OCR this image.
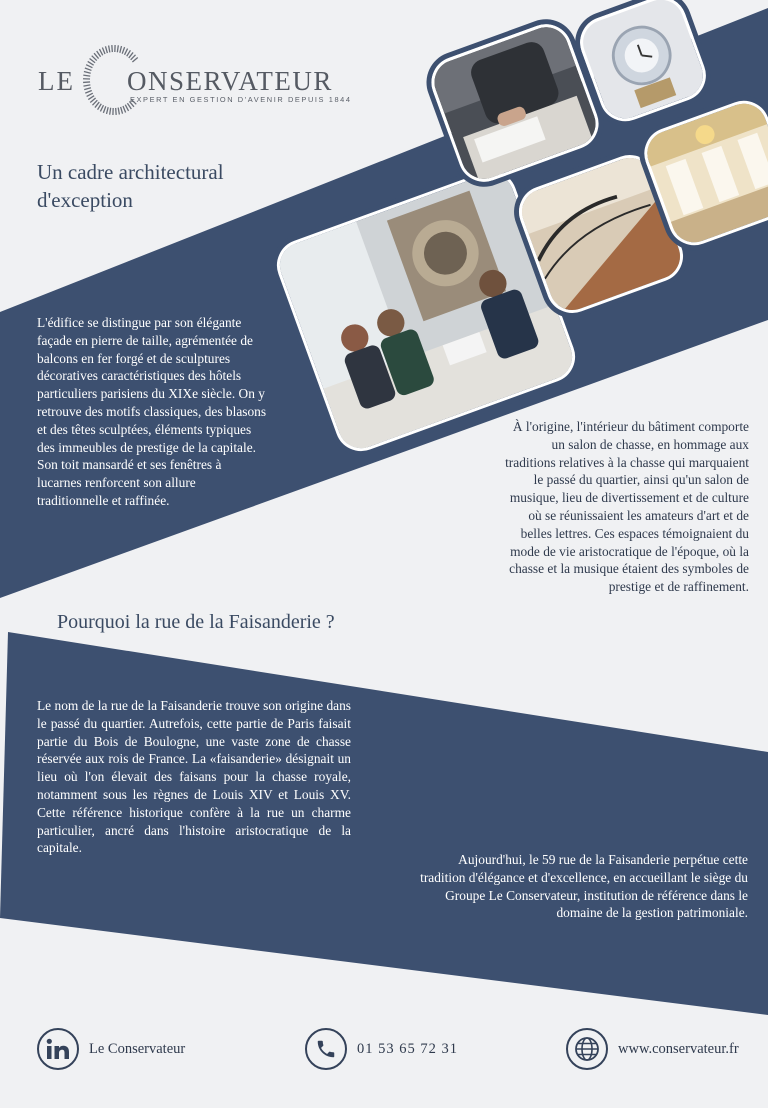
LE ONSERVATEUR
EXPERT EN GESTION D'AVENIR DEPUIS 1844
Un cadre architectural d'exception
L'édifice se distingue par son élégante façade en pierre de taille, agrémentée de balcons en fer forgé et de sculptures décoratives caractéristiques des hôtels particuliers parisiens du XIXe siècle. On y retrouve des motifs classiques, des blasons et des têtes sculptées, éléments typiques des immeubles de prestige de la capitale. Son toit mansardé et ses fenêtres à lucarnes renforcent son allure traditionnelle et raffinée.
À l'origine, l'intérieur du bâtiment comporte un salon de chasse, en hommage aux traditions relatives à la chasse qui marquaient le passé du quartier, ainsi qu'un salon de musique, lieu de divertissement et de culture où se réunissaient les amateurs d'art et de belles lettres. Ces espaces témoignaient du mode de vie aristocratique de l'époque, où la chasse et la musique étaient des symboles de prestige et de raffinement.
Pourquoi la rue de la Faisanderie ?
Le nom de la rue de la Faisanderie trouve son origine dans le passé du quartier. Autrefois, cette partie de Paris faisait partie du Bois de Boulogne, une vaste zone de chasse réservée aux rois de France. La «faisanderie» désignait un lieu où l'on élevait des faisans pour la chasse royale, notamment sous les règnes de Louis XIV et Louis XV. Cette référence historique confère à la rue un charme particulier, ancré dans l'histoire aristocratique de la capitale.
Aujourd'hui, le 59 rue de la Faisanderie perpétue cette tradition d'élégance et d'excellence, en accueillant le siège du Groupe Le Conservateur, institution de référence dans le domaine de la gestion patrimoniale.
Le Conservateur	01 53 65 72 31	www.conservateur.fr
